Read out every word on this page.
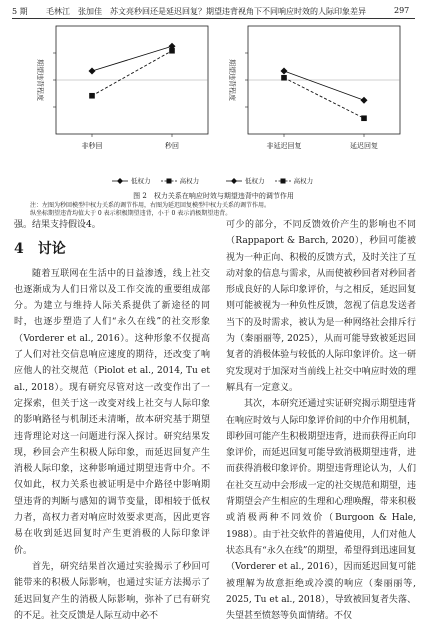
5 期 毛林江　张加佳　苏文亮 秒回还是延迟回复？期望违背视角下不同响应时效的人际印象差异	297
期望违背程度
非秒回	秒回
期望违背程度
非延迟回复	延迟回复
低权力
	高权力	低权力
	高权力
图 2　权力关系在响应时效与期望违背中的调节作用
注：左图为秒回模型中权力关系的调节作用，右图为延迟回复模型中权力关系的调节作用。
纵坐标期望违背均值大于 0 表示积极期望违背，小于 0 表示消极期望违背。

强。结果支持假设4。

4　讨论

随着互联网在生活中的日益渗透，线上社交也逐渐成为人们日常以及工作交流的重要组成部分。为建立与维持人际关系提供了新途径的同时，也逐步塑造了人们“永久在线”的社交形象（Vorderer et al., 2016）。这种形象不仅提高了人们对社交信息响应速度的期待，还改变了响应他人的社交规范（Piolot et al., 2014, Tu et al., 2018）。现有研究尽管对这一改变作出了一定探索，但关于这一改变对线上社交与人际印象的影响路径与机制还未清晰，故本研究基于期望违背理论对这一问题进行深入探讨。研究结果发现，秒回会产生积极人际印象，而延迟回复产生消极人际印象，这种影响通过期望违背中介。不仅如此，权力关系也被证明是中介路径中影响期望违背的判断与感知的调节变量，即相较于低权力者，高权力者对响应时效要求更高，因此更容易在收到延迟回复时产生更消极的人际印象评价。

首先，研究结果首次通过实验揭示了秒回可能带来的积极人际影响，也通过实证方法揭示了延迟回复产生的消极人际影响，弥补了已有研究的不足。社交反馈是人际互动中必不

可少的部分，不同反馈效价产生的影响也不同（Rappaport & Barch, 2020），秒回可能被视为一种正向、积极的反馈方式，及时关注了互动对象的信息与需求，从而使被秒回者对秒回者形成良好的人际印象评价，与之相反，延迟回复则可能被视为一种负性反馈，忽视了信息发送者当下的及时需求，被认为是一种网络社会排斥行为（秦丽丽等, 2025），从而可能导致被延迟回复者的消极体验与较低的人际印象评价。这一研究发现对于加深对当前线上社交中响应时效的理解具有一定意义。

其次，本研究还通过实证研究揭示期望违背在响应时效与人际印象评价间的中介作用机制，即秒回可能产生积极期望违背，进而获得正向印象评价，而延迟回复可能导致消极期望违背，进而获得消极印象评价。期望违背理论认为，人们在社交互动中会形成一定的社交规范和期望，违背期望会产生相应的生理和心理唤醒，带来积极或消极两种不同效价（Burgoon & Hale, 1988）。由于社交软件的普遍使用，人们对他人状态具有“永久在线”的期望，希望得到迅速回复（Vorderer et al., 2016），因而延迟回复可能被理解为故意拒绝或冷漠的响应（秦丽丽等, 2025, Tu et al., 2018），导致被回复者失落、失望甚至愤怒等负面情绪。不仅
